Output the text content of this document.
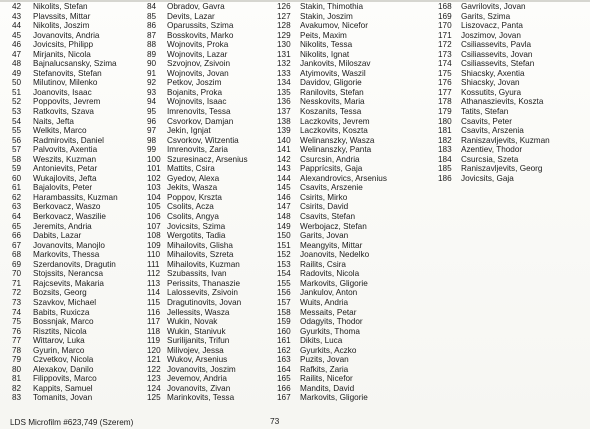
42 Nikolits, Stefan
43 Plavssits, Mittar
44 Nikolits, Joszim
45 Jovanovits, Andria
46 Jovicsits, Philipp
47 Mirjanits, Nicola
48 Bajnalucsansky, Szima
49 Stefanovits, Stefan
50 Milutinov, Milenko
51 Joanovits, Isaac
52 Poppovits, Jevrem
53 Ratkovits, Szava
54 Naits, Jefta
55 Welkits, Marco
56 Radmirovits, Daniel
57 Palvovits, Axentia
58 Weszits, Kuzman
59 Antonievits, Petar
60 Wukajlovits, Jefta
61 Bajalovits, Peter
62 Harambassits, Kuzman
63 Berkovacz, Waszo
64 Berkovacz, Waszilie
65 Jeremits, Andria
66 Dabits, Lazar
67 Jovanovits, Manojlo
68 Markovits, Thessa
69 Szerdanovits, Dragutin
70 Stojssits, Nerancsa
71 Rajcsevits, Makaria
72 Bozsits, Georg
73 Szavkov, Michael
74 Babits, Ruxicza
75 Bossnjak, Marco
76 Risztits, Nicola
77 Wittarov, Luka
78 Gyurin, Marco
79 Czvetkov, Nicola
80 Alexakov, Danilo
81 Filippovits, Marco
82 Kappits, Samuel
83 Tomanits, Jovan
84 Obradov, Gavra
85 Devits, Lazar
86 Oparussits, Szima
87 Bosskovits, Marko
88 Wojnovits, Proka
89 Wojnovits, Lazar
90 Szvojnov, Zsivoin
91 Wojnovits, Jovan
92 Petkov, Joszim
93 Bojanits, Proka
94 Wojnovits, Isaac
95 Imrenovits, Tessa
96 Csvorkov, Damjan
97 Jekin, Ignjat
98 Csvorkov, Witzentia
99 Imrenovits, Zaria
100 Szuresinacz, Arsenius
101 Mattits, Csira
102 Gyedov, Alexa
103 Jekits, Wasza
104 Poppov, Krszta
105 Csolits, Acza
106 Csolits, Angya
107 Jovicsits, Szima
108 Wergotits, Tadia
109 Mihailovits, Glisha
110 Mihailovits, Szreta
111 Mihailovits, Kuzman
112 Szubassits, Ivan
113 Perissits, Thanaszie
114 Lalossevits, Zsivoin
115 Dragutinovits, Jovan
116 Jellessits, Wasza
117 Wukin, Novak
118 Wukin, Stanivuk
119 Surilijanits, Trifun
120 Milivojev, Jessa
121 Wukov, Arsenius
122 Jovanovits, Joszim
123 Jevemov, Andria
124 Jovanovits, Zivan
125 Marinkovits, Tessa
126 Stakin, Thimothia
127 Stakin, Joszim
128 Avakumov, Nicefor
129 Peits, Maxim
130 Nikolits, Tessa
131 Nikolits, Ignat
132 Jankovits, Miloszav
133 Atyimovits, Waszil
134 Davidov, Gligorie
135 Ranilovits, Stefan
136 Nesskovits, Maria
137 Koszanits, Tessa
138 Laczkovits, Jevrem
139 Laczkovits, Koszta
140 Welinanszky, Wasza
141 Welinanszky, Panta
142 Csurcsin, Andria
143 Papprícsits, Gaja
144 Alexandrovics, Arsenius
145 Csavits, Arszenie
146 Csirits, Mirko
147 Csirits, David
148 Csavits, Stefan
149 Werbojacz, Stefan
150 Garits, Jovan
151 Meangyits, Mittar
152 Joanovits, Nedelko
153 Railits, Csira
154 Radovits, Nicola
155 Markovits, Gligorie
156 Jankulov, Anton
157 Wuits, Andria
158 Messaits, Petar
159 Odagyits, Thodor
160 Gyurkits, Thoma
161 Dikits, Luca
162 Gyurkits, Aczko
163 Puzits, Jovan
164 Rafkits, Zaria
165 Railits, Nicefor
166 Mandits, David
167 Markovits, Gligorie
168 Gavrilovits, Jovan
169 Garits, Szima
170 Liszovacz, Panta
171 Joszimov, Jovan
172 Csiliassevits, Pavla
173 Csiliassevits, Jovan
174 Csiliassevits, Stefan
175 Shiacsky, Axentia
176 Shiacsky, Jovan
177 Kossutits, Gyura
178 Athanaszievits, Koszta
179 Tatits, Stefan
180 Csavits, Peter
181 Csavits, Arszenia
182 Raniszavljevits, Kuzman
183 Azentiev, Thodor
184 Csurcsia, Szeta
185 Raniszavljevits, Georg
186 Jovicsits, Gaja
LDS Microfilm #623,749 (Szerem)	73
